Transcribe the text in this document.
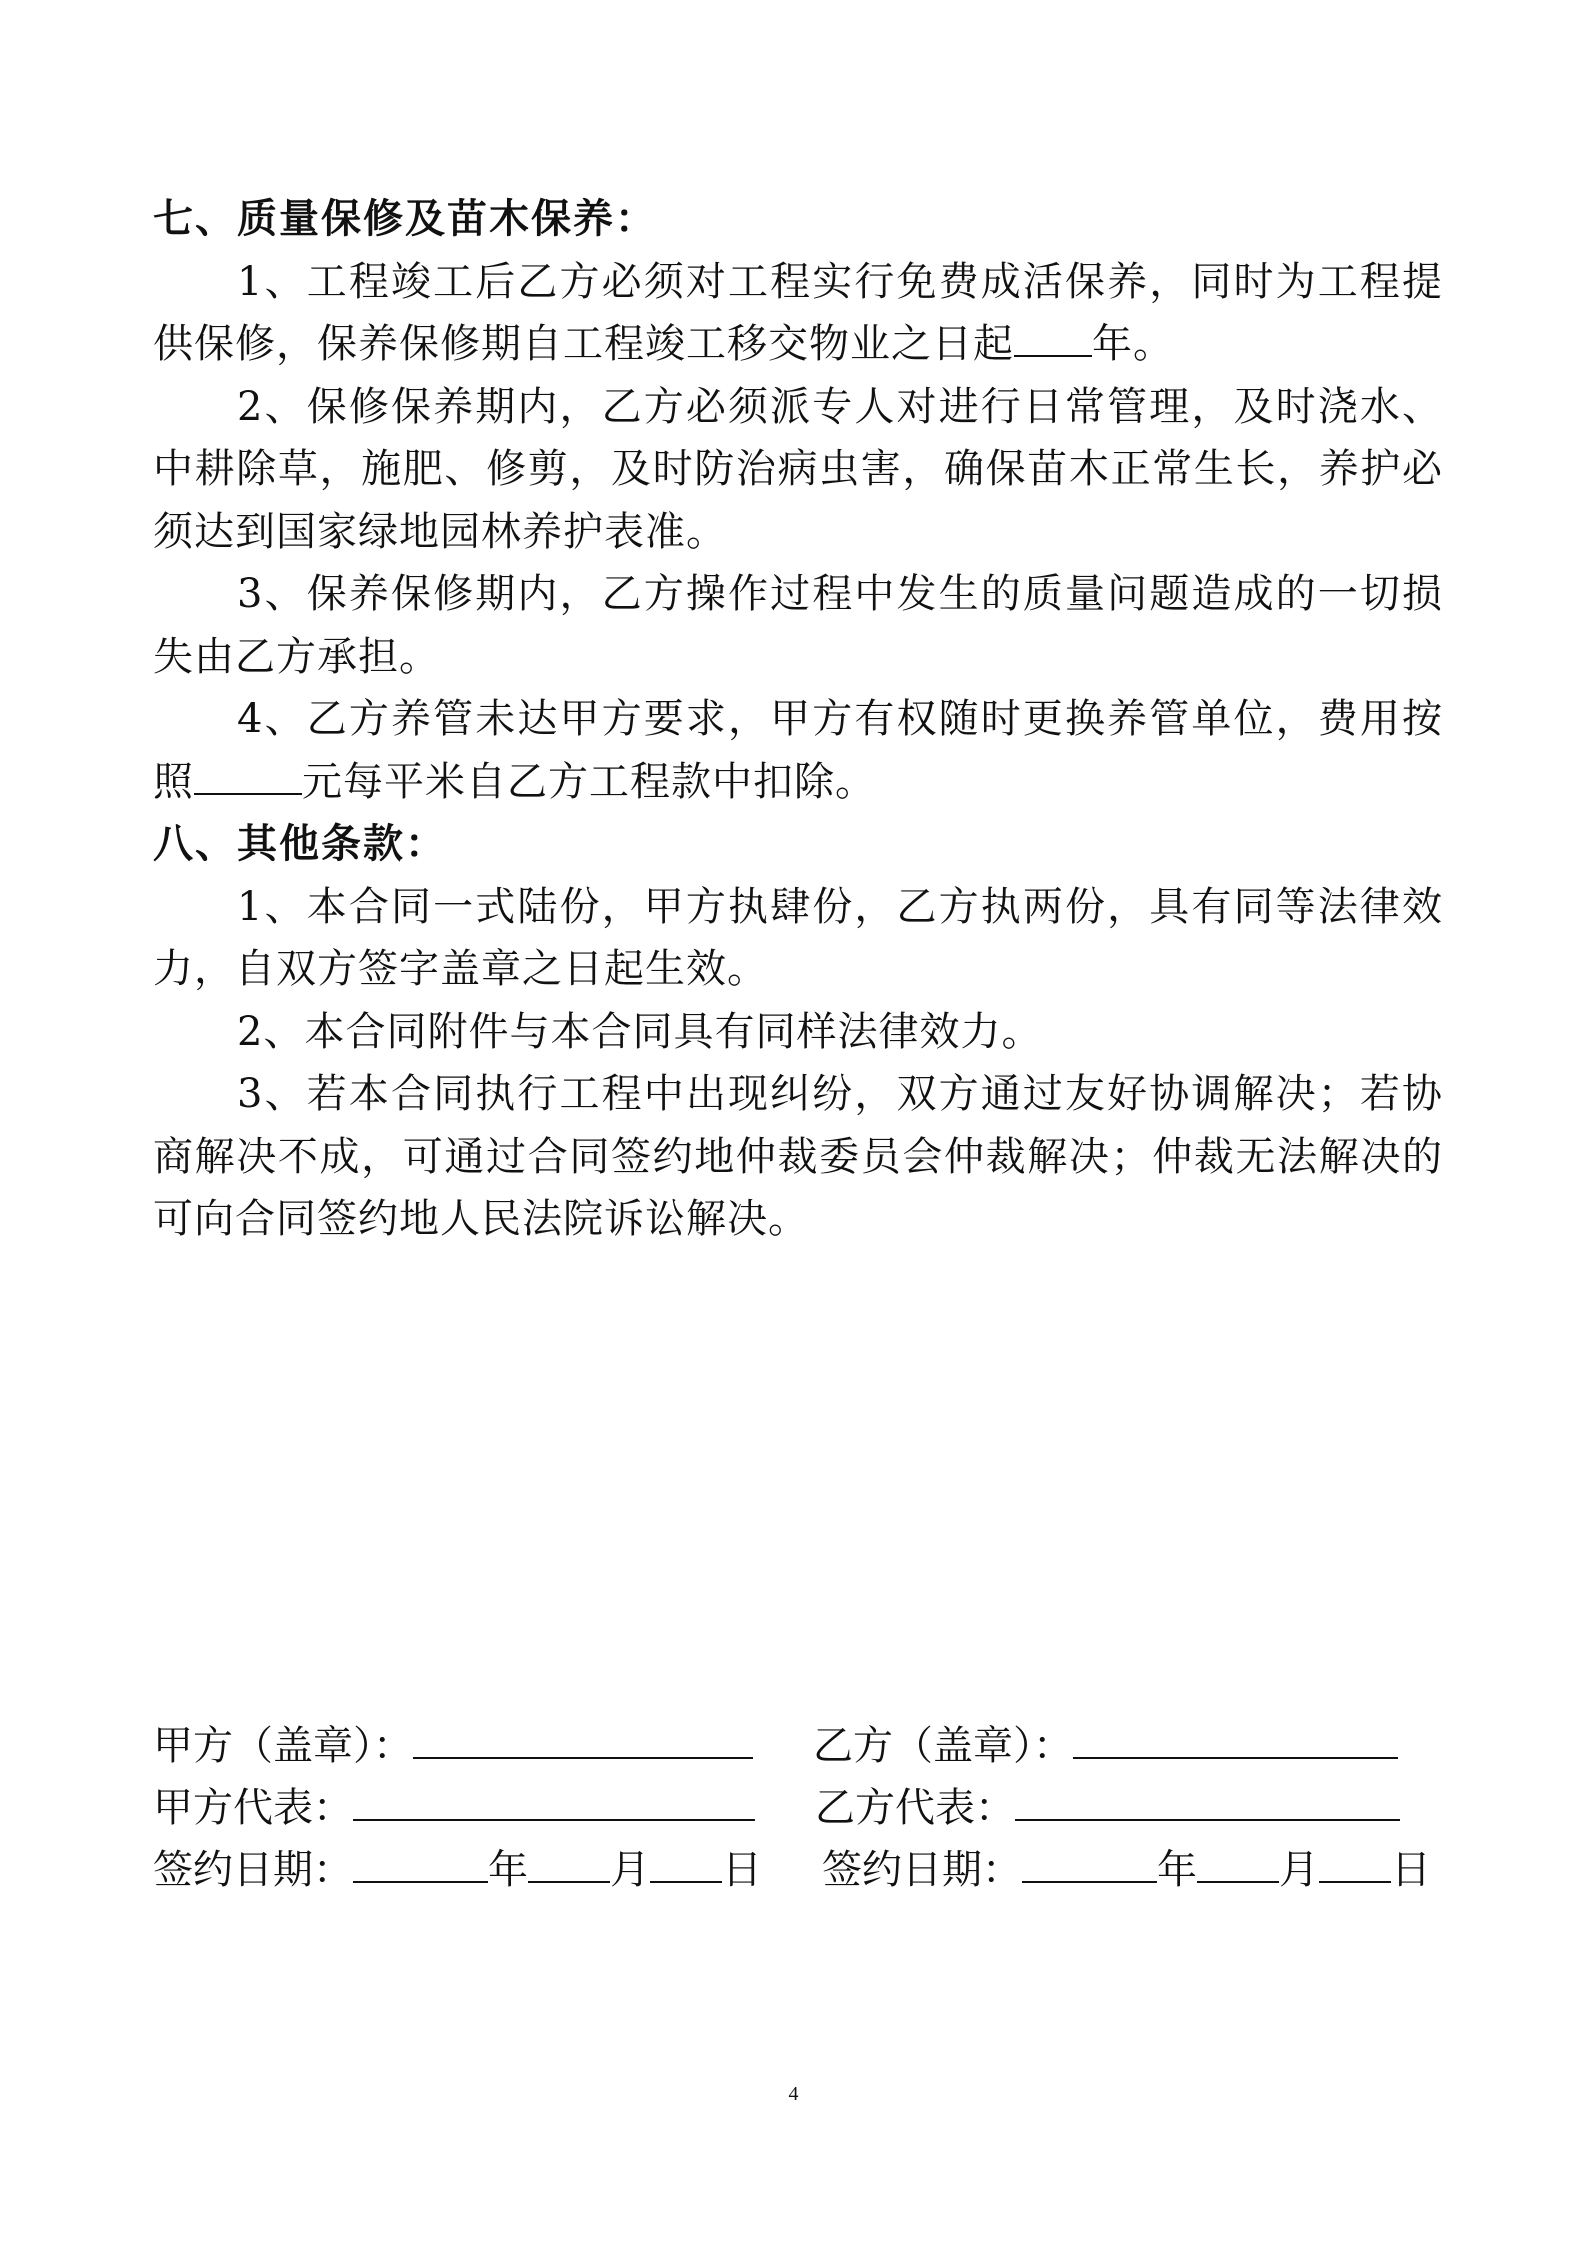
七、质量保修及苗木保养：
1、工程竣工后乙方必须对工程实行免费成活保养，同时为工程提供保修，保养保修期自工程竣工移交物业之日起 年。
2、保修保养期内，乙方必须派专人对进行日常管理，及时浇水、中耕除草，施肥、修剪，及时防治病虫害，确保苗木正常生长，养护必须达到国家绿地园林养护表准。
3、保养保修期内，乙方操作过程中发生的质量问题造成的一切损失由乙方承担。
4、乙方养管未达甲方要求，甲方有权随时更换养管单位，费用按照	元每平米自乙方工程款中扣除。
八、其他条款：
1、本合同一式陆份，甲方执肆份，乙方执两份，具有同等法律效力，自双方签字盖章之日起生效。
2、本合同附件与本合同具有同样法律效力。
3、若本合同执行工程中出现纠纷，双方通过友好协调解决；若协商解决不成，可通过合同签约地仲裁委员会仲裁解决；仲裁无法解决的可向合同签约地人民法院诉讼解决。
甲方（盖章）：	乙方（盖章）：
甲方代表：	乙方代表：
签约日期：	年 月 日 签约日期：	年 月 日
4
